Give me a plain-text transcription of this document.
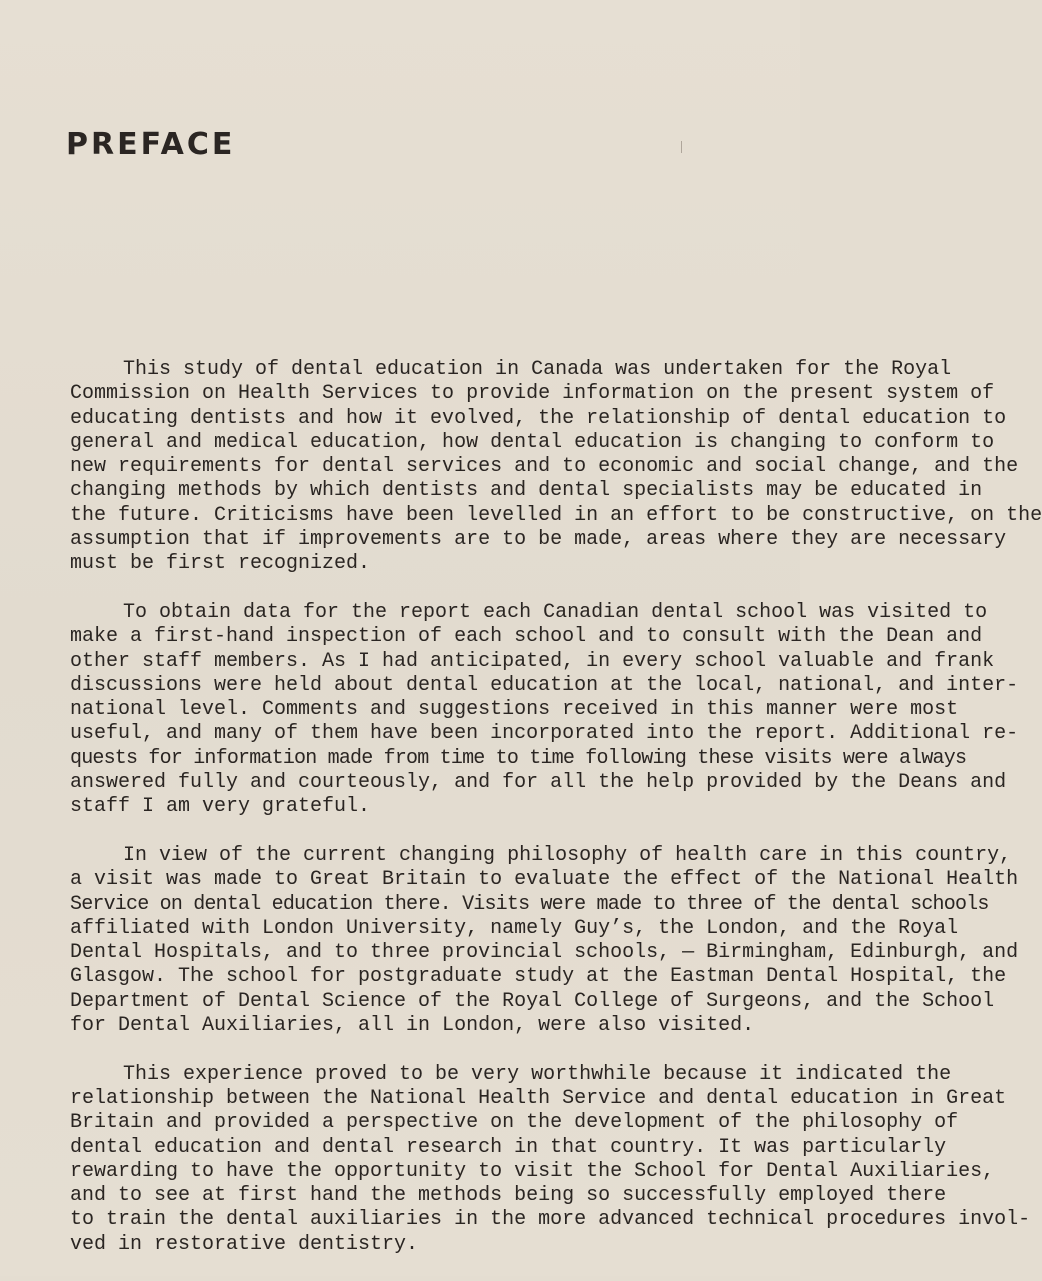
PREFACE
This study of dental education in Canada was undertaken for the Royal
Commission on Health Services to provide information on the present system of
educating dentists and how it evolved, the relationship of dental education to
general and medical education, how dental education is changing to conform to
new requirements for dental services and to economic and social change, and the
changing methods by which dentists and dental specialists may be educated in
the future. Criticisms have been levelled in an effort to be constructive, on the
assumption that if improvements are to be made, areas where they are necessary
must be first recognized.
To obtain data for the report each Canadian dental school was visited to
make a first-hand inspection of each school and to consult with the Dean and
other staff members. As I had anticipated, in every school valuable and frank
discussions were held about dental education at the local, national, and inter-
national level. Comments and suggestions received in this manner were most
useful, and many of them have been incorporated into the report. Additional re-
quests for information made from time to time following these visits were always
answered fully and courteously, and for all the help provided by the Deans and
staff I am very grateful.
In view of the current changing philosophy of health care in this country,
a visit was made to Great Britain to evaluate the effect of the National Health
Service on dental education there. Visits were made to three of the dental schools
affiliated with London University, namely Guy’s, the London, and the Royal
Dental Hospitals, and to three provincial schools, — Birmingham, Edinburgh, and
Glasgow. The school for postgraduate study at the Eastman Dental Hospital, the
Department of Dental Science of the Royal College of Surgeons, and the School
for Dental Auxiliaries, all in London, were also visited.
This experience proved to be very worthwhile because it indicated the
relationship between the National Health Service and dental education in Great
Britain and provided a perspective on the development of the philosophy of
dental education and dental research in that country. It was particularly
rewarding to have the opportunity to visit the School for Dental Auxiliaries,
and to see at first hand the methods being so successfully employed there
to train the dental auxiliaries in the more advanced technical procedures invol-
ved in restorative dentistry.
